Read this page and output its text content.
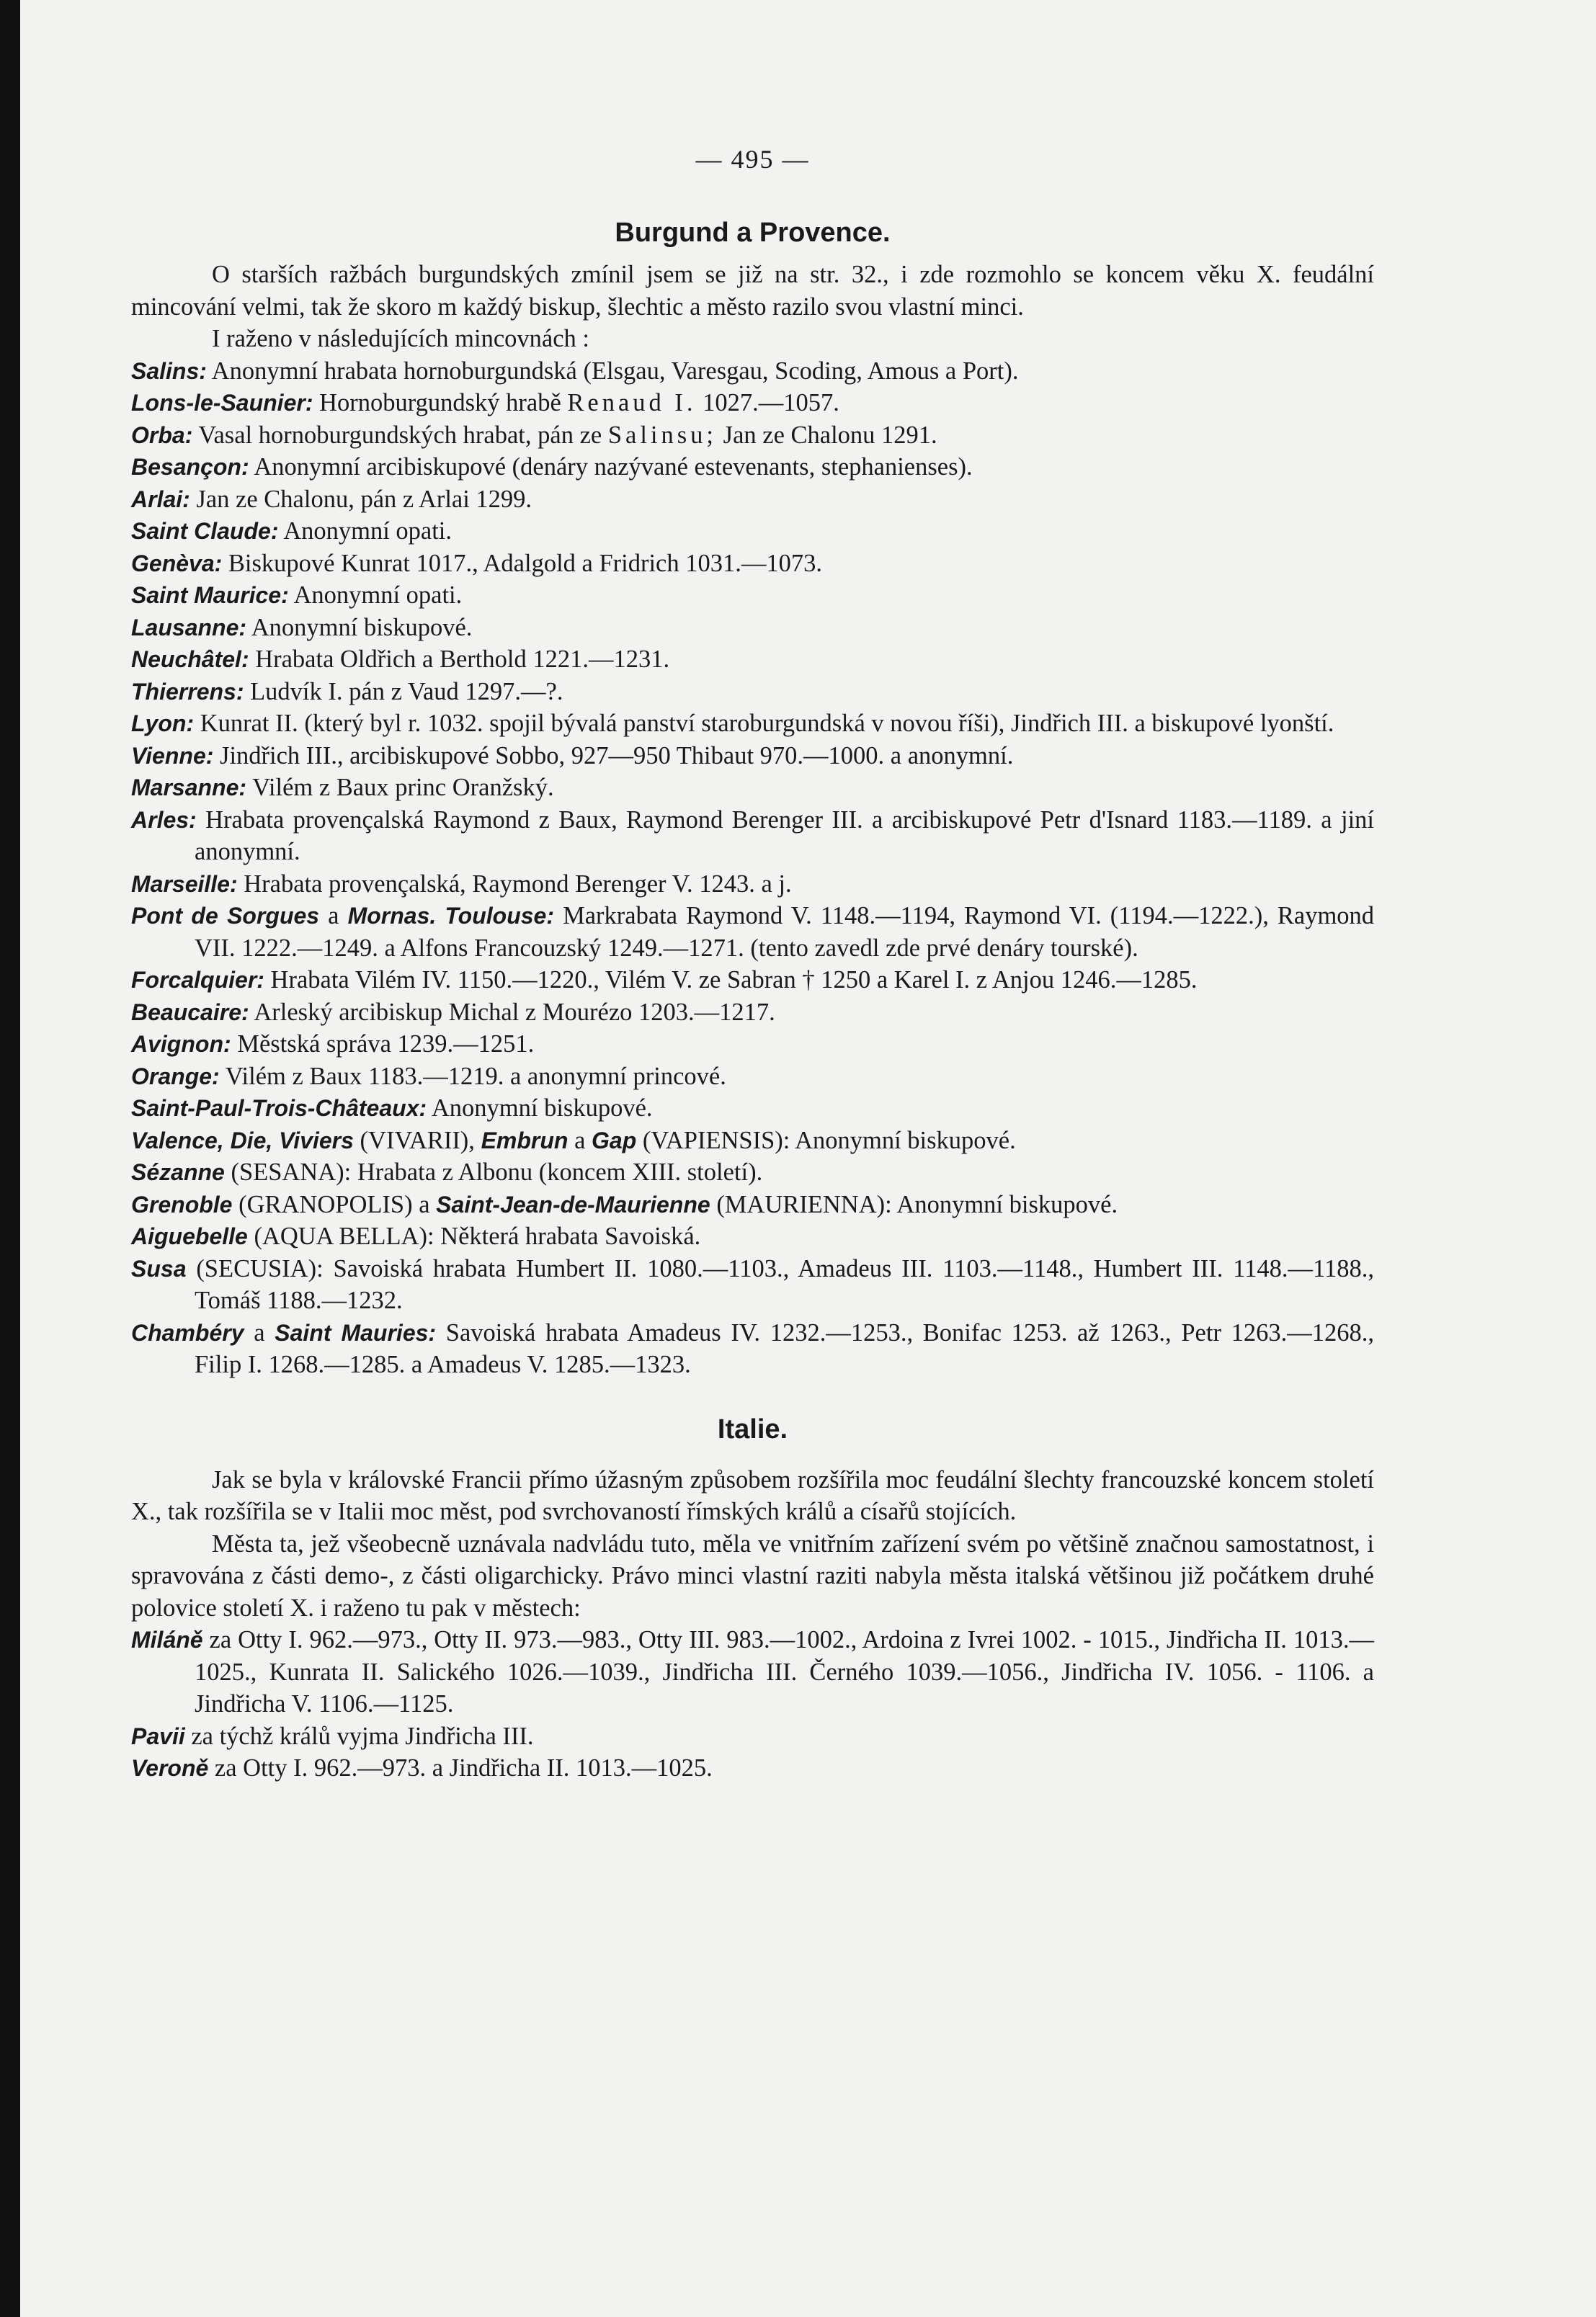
— 495 —
Burgund a Provence.

O starších ražbách burgundských zmínil jsem se již na str. 32., i zde rozmohlo se koncem věku X. feudální mincování velmi, tak že skoro m každý biskup, šlechtic a město razilo svou vlastní minci.

I raženo v následujících mincovnách :

Salins: Anonymní hrabata hornoburgundská (Elsgau, Varesgau, Scoding, Amous a Port).

Lons-le-Saunier: Hornoburgundský hrabě Renaud I. 1027.—1057.

Orba: Vasal hornoburgundských hrabat, pán ze Salinsu; Jan ze Chalonu 1291.

Besançon: Anonymní arcibiskupové (denáry nazývané estevenants, stephanienses).

Arlai: Jan ze Chalonu, pán z Arlai 1299.

Saint Claude: Anonymní opati.

Genèva: Biskupové Kunrat 1017., Adalgold a Fridrich 1031.—1073.

Saint Maurice: Anonymní opati.

Lausanne: Anonymní biskupové.

Neuchâtel: Hrabata Oldřich a Berthold 1221.—1231.

Thierrens: Ludvík I. pán z Vaud 1297.—?.

Lyon: Kunrat II. (který byl r. 1032. spojil bývalá panství staroburgundská v novou říši), Jindřich III. a biskupové lyonští.

Vienne: Jindřich III., arcibiskupové Sobbo, 927—950 Thibaut 970.—1000. a anonymní.

Marsanne: Vilém z Baux princ Oranžský.

Arles: Hrabata provençalská Raymond z Baux, Raymond Berenger III. a arcibiskupové Petr d'Isnard 1183.—1189. a jiní anonymní.

Marseille: Hrabata provençalská, Raymond Berenger V. 1243. a j.

Pont de Sorgues a Mornas. Toulouse: Markrabata Raymond V. 1148.—1194, Raymond VI. (1194.—1222.), Raymond VII. 1222.—1249. a Alfons Francouzský 1249.—1271. (tento zavedl zde prvé denáry tourské).

Forcalquier: Hrabata Vilém IV. 1150.—1220., Vilém V. ze Sabran † 1250 a Karel I. z Anjou 1246.—1285.

Beaucaire: Arleský arcibiskup Michal z Mourézo 1203.—1217.

Avignon: Městská správa 1239.—1251.

Orange: Vilém z Baux 1183.—1219. a anonymní princové.

Saint-Paul-Trois-Châteaux: Anonymní biskupové.

Valence, Die, Viviers (VIVARII), Embrun a Gap (VAPIENSIS): Anonymní biskupové.

Sézanne (SESANA): Hrabata z Albonu (koncem XIII. století).

Grenoble (GRANOPOLIS) a Saint-Jean-de-Maurienne (MAURIENNA): Anonymní biskupové.

Aiguebelle (AQUA BELLA): Některá hrabata Savoiská.

Susa (SECUSIA): Savoiská hrabata Humbert II. 1080.—1103., Amadeus III. 1103.—1148., Humbert III. 1148.—1188., Tomáš 1188.—1232.

Chambéry a Saint Mauries: Savoiská hrabata Amadeus IV. 1232.—1253., Bonifac 1253. až 1263., Petr 1263.—1268., Filip I. 1268.—1285. a Amadeus V. 1285.—1323.

Italie.

Jak se byla v královské Francii přímo úžasným způsobem rozšířila moc feudální šlechty francouzské koncem století X., tak rozšířila se v Italii moc měst, pod svrchovaností římských králů a císařů stojících.

Města ta, jež všeobecně uznávala nadvládu tuto, měla ve vnitřním zařízení svém po většině značnou samostatnost, i spravována z části demo-, z části oligarchicky. Právo minci vlastní raziti nabyla města italská většinou již počátkem druhé polovice století X. i raženo tu pak v městech:

Miláně za Otty I. 962.—973., Otty II. 973.—983., Otty III. 983.—1002., Ardoina z Ivrei 1002. - 1015., Jindřicha II. 1013.—1025., Kunrata II. Salického 1026.—1039., Jindřicha III. Černého 1039.—1056., Jindřicha IV. 1056. - 1106. a Jindřicha V. 1106.—1125.

Pavii za týchž králů vyjma Jindřicha III.

Veroně za Otty I. 962.—973. a Jindřicha II. 1013.—1025.
